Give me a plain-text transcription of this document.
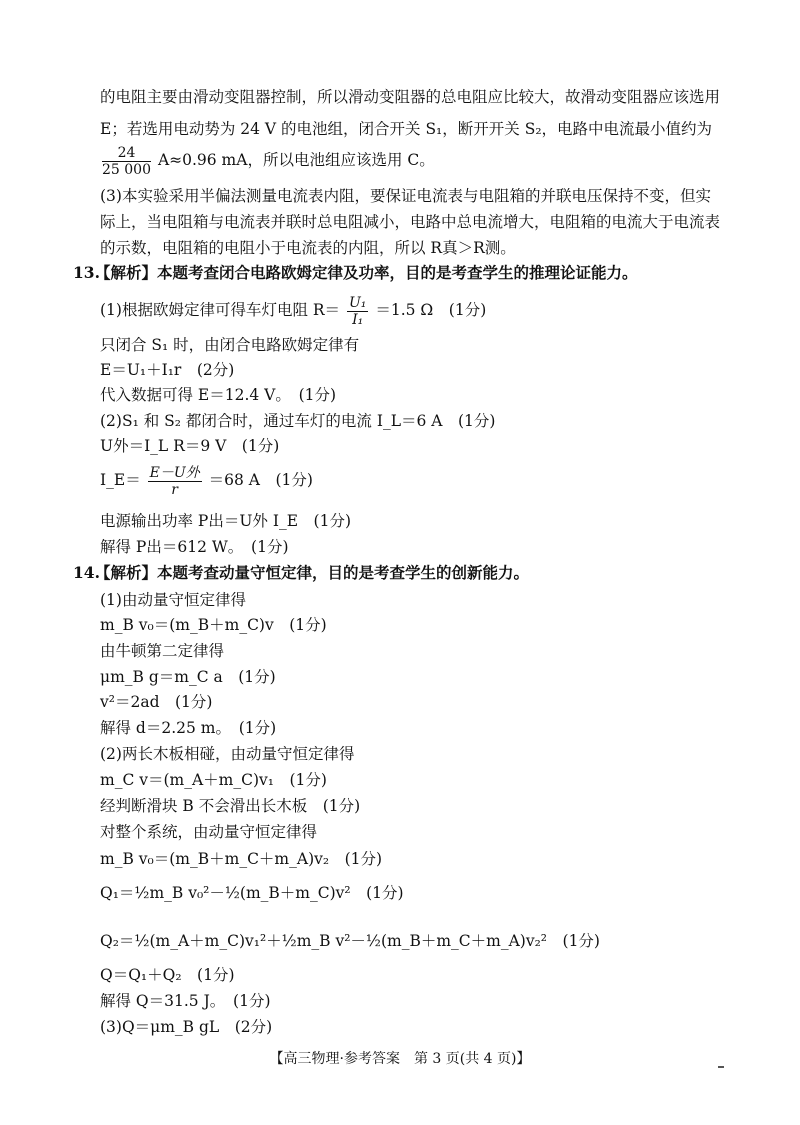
的电阻主要由滑动变阻器控制，所以滑动变阻器的总电阻应比较大，故滑动变阻器应该选用
E；若选用电动势为 24 V 的电池组，闭合开关 S₁，断开开关 S₂，电路中电流最小值约为
$\frac{24}{25 000} A\approx 0.96$ mA，所以电池组应该选用 C。
(3)本实验采用半偏法测量电流表内阻，要保证电流表与电阻箱的并联电压保持不变，但实
际上，当电阻箱与电流表并联时总电阻减小，电路中总电流增大，电阻箱的电流大于电流表
的示数，电阻箱的电阻小于电流表的内阻，所以 R真＞R测。
13.
【解析】本题考查闭合电路欧姆定律及功率，目的是考查学生的推理论证能力。
(1)根据欧姆定律可得车灯电阻 $R= \frac{\text{U₁}}{\text{I₁}} =1.5$ Ω　(1分)
只闭合 S₁ 时，由闭合电路欧姆定律有
E＝U₁＋I₁r　(2分)
代入数据可得 E＝12.4 V。　(1分)
(2)S₁ 和 S₂ 都闭合时，通过车灯的电流 I_L＝6 A　(1分)
U外＝I_L R＝9 V　(1分)
I_E＝ $\frac{\text{E－U外}}{r} =68$ A　(1分)
电源输出功率 P出＝U外 I_E　(1分)
解得 P出＝612 W。　(1分)
14.
【解析】本题考查动量守恒定律，目的是考查学生的创新能力。
(1)由动量守恒定律得
m_B v₀＝(m_B＋m_C)v　(1分)
由牛顿第二定律得
μm_B g＝m_C a　(1分)
v²＝2ad　(1分)
解得 d＝2.25 m。　(1分)
(2)两长木板相碰，由动量守恒定律得
m_C v＝(m_A＋m_C)v₁　(1分)
经判断滑块 B 不会滑出长木板　(1分)
对整个系统，由动量守恒定律得
m_B v₀＝(m_B＋m_C＋m_A)v₂　(1分)
Q₁＝½m_B v₀²－½(m_B＋m_C)v²　(1分)
Q₂＝½(m_A＋m_C)v₁²＋½m_B v²－½(m_B＋m_C＋m_A)v₂²　(1分)
Q＝Q₁＋Q₂　(1分)
解得 Q＝31.5 J。　(1分)
(3)Q＝μm_B gL　(2分)
【高三物理·参考答案　第 3 页(共 4 页)】
